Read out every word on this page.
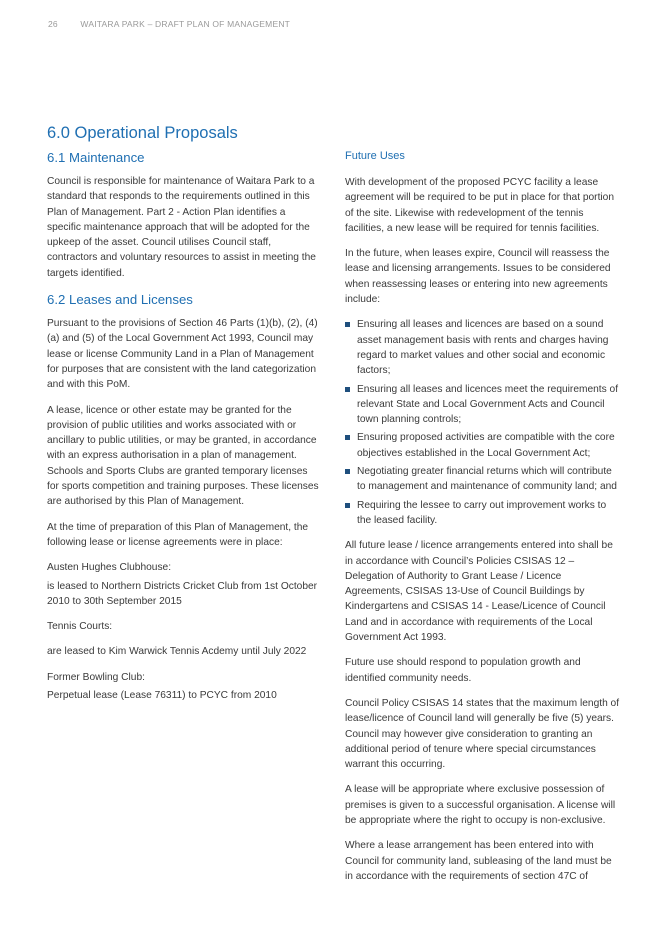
26	WAITARA PARK – DRAFT PLAN OF MANAGEMENT
6.0 Operational Proposals
6.1 Maintenance

Council is responsible for maintenance of Waitara Park to a standard that responds to the requirements outlined in this Plan of Management. Part 2 - Action Plan identifies a specific maintenance approach that will be adopted for the upkeep of the asset. Council utilises Council staff, contractors and voluntary resources to assist in meeting the targets identified.

6.2 Leases and Licenses

Pursuant to the provisions of Section 46 Parts (1)(b), (2), (4)(a) and (5) of the Local Government Act 1993, Council may lease or license Community Land in a Plan of Management for purposes that are consistent with the land categorization and with this PoM.

A lease, licence or other estate may be granted for the provision of public utilities and works associated with or ancillary to public utilities, or may be granted, in accordance with an express authorisation in a plan of management. Schools and Sports Clubs are granted temporary licenses for sports competition and training purposes. These licenses are authorised by this Plan of Management.

At the time of preparation of this Plan of Management, the following lease or license agreements were in place:

Austen Hughes Clubhouse:

is leased to Northern Districts Cricket Club from 1st October 2010 to 30th September 2015

Tennis Courts:

are leased to Kim Warwick Tennis Acdemy until July 2022

Former Bowling Club:

Perpetual lease (Lease 76311) to PCYC from 2010

Future Uses

With development of the proposed PCYC facility a lease agreement will be required to be put in place for that portion of the site. Likewise with redevelopment of the tennis facilities, a new lease will be required for tennis facilities.

In the future, when leases expire, Council will reassess the lease and licensing arrangements. Issues to be considered when reassessing leases or entering into new agreements include:

Ensuring all leases and licences are based on a sound asset management basis with rents and charges having regard to market values and other social and economic factors;
Ensuring all leases and licences meet the requirements of relevant State and Local Government Acts and Council town planning controls;
Ensuring proposed activities are compatible with the core objectives established in the Local Government Act;
Negotiating greater financial returns which will contribute to management and maintenance of community land; and
Requiring the lessee to carry out improvement works to the leased facility.

All future lease / licence arrangements entered into shall be in accordance with Council’s Policies CSISAS 12 – Delegation of Authority to Grant Lease / Licence Agreements, CSISAS 13-Use of Council Buildings by Kindergartens and CSISAS 14 - Lease/Licence of Council Land and in accordance with requirements of the Local Government Act 1993.

Future use should respond to population growth and identified community needs.

Council Policy CSISAS 14 states that the maximum length of lease/licence of Council land will generally be five (5) years. Council may however give consideration to granting an additional period of tenure where special circumstances warrant this occurring.

A lease will be appropriate where exclusive possession of premises is given to a successful organisation. A license will be appropriate where the right to occupy is non-exclusive.

Where a lease arrangement has been entered into with Council for community land, subleasing of the land must be in accordance with the requirements of section 47C of
